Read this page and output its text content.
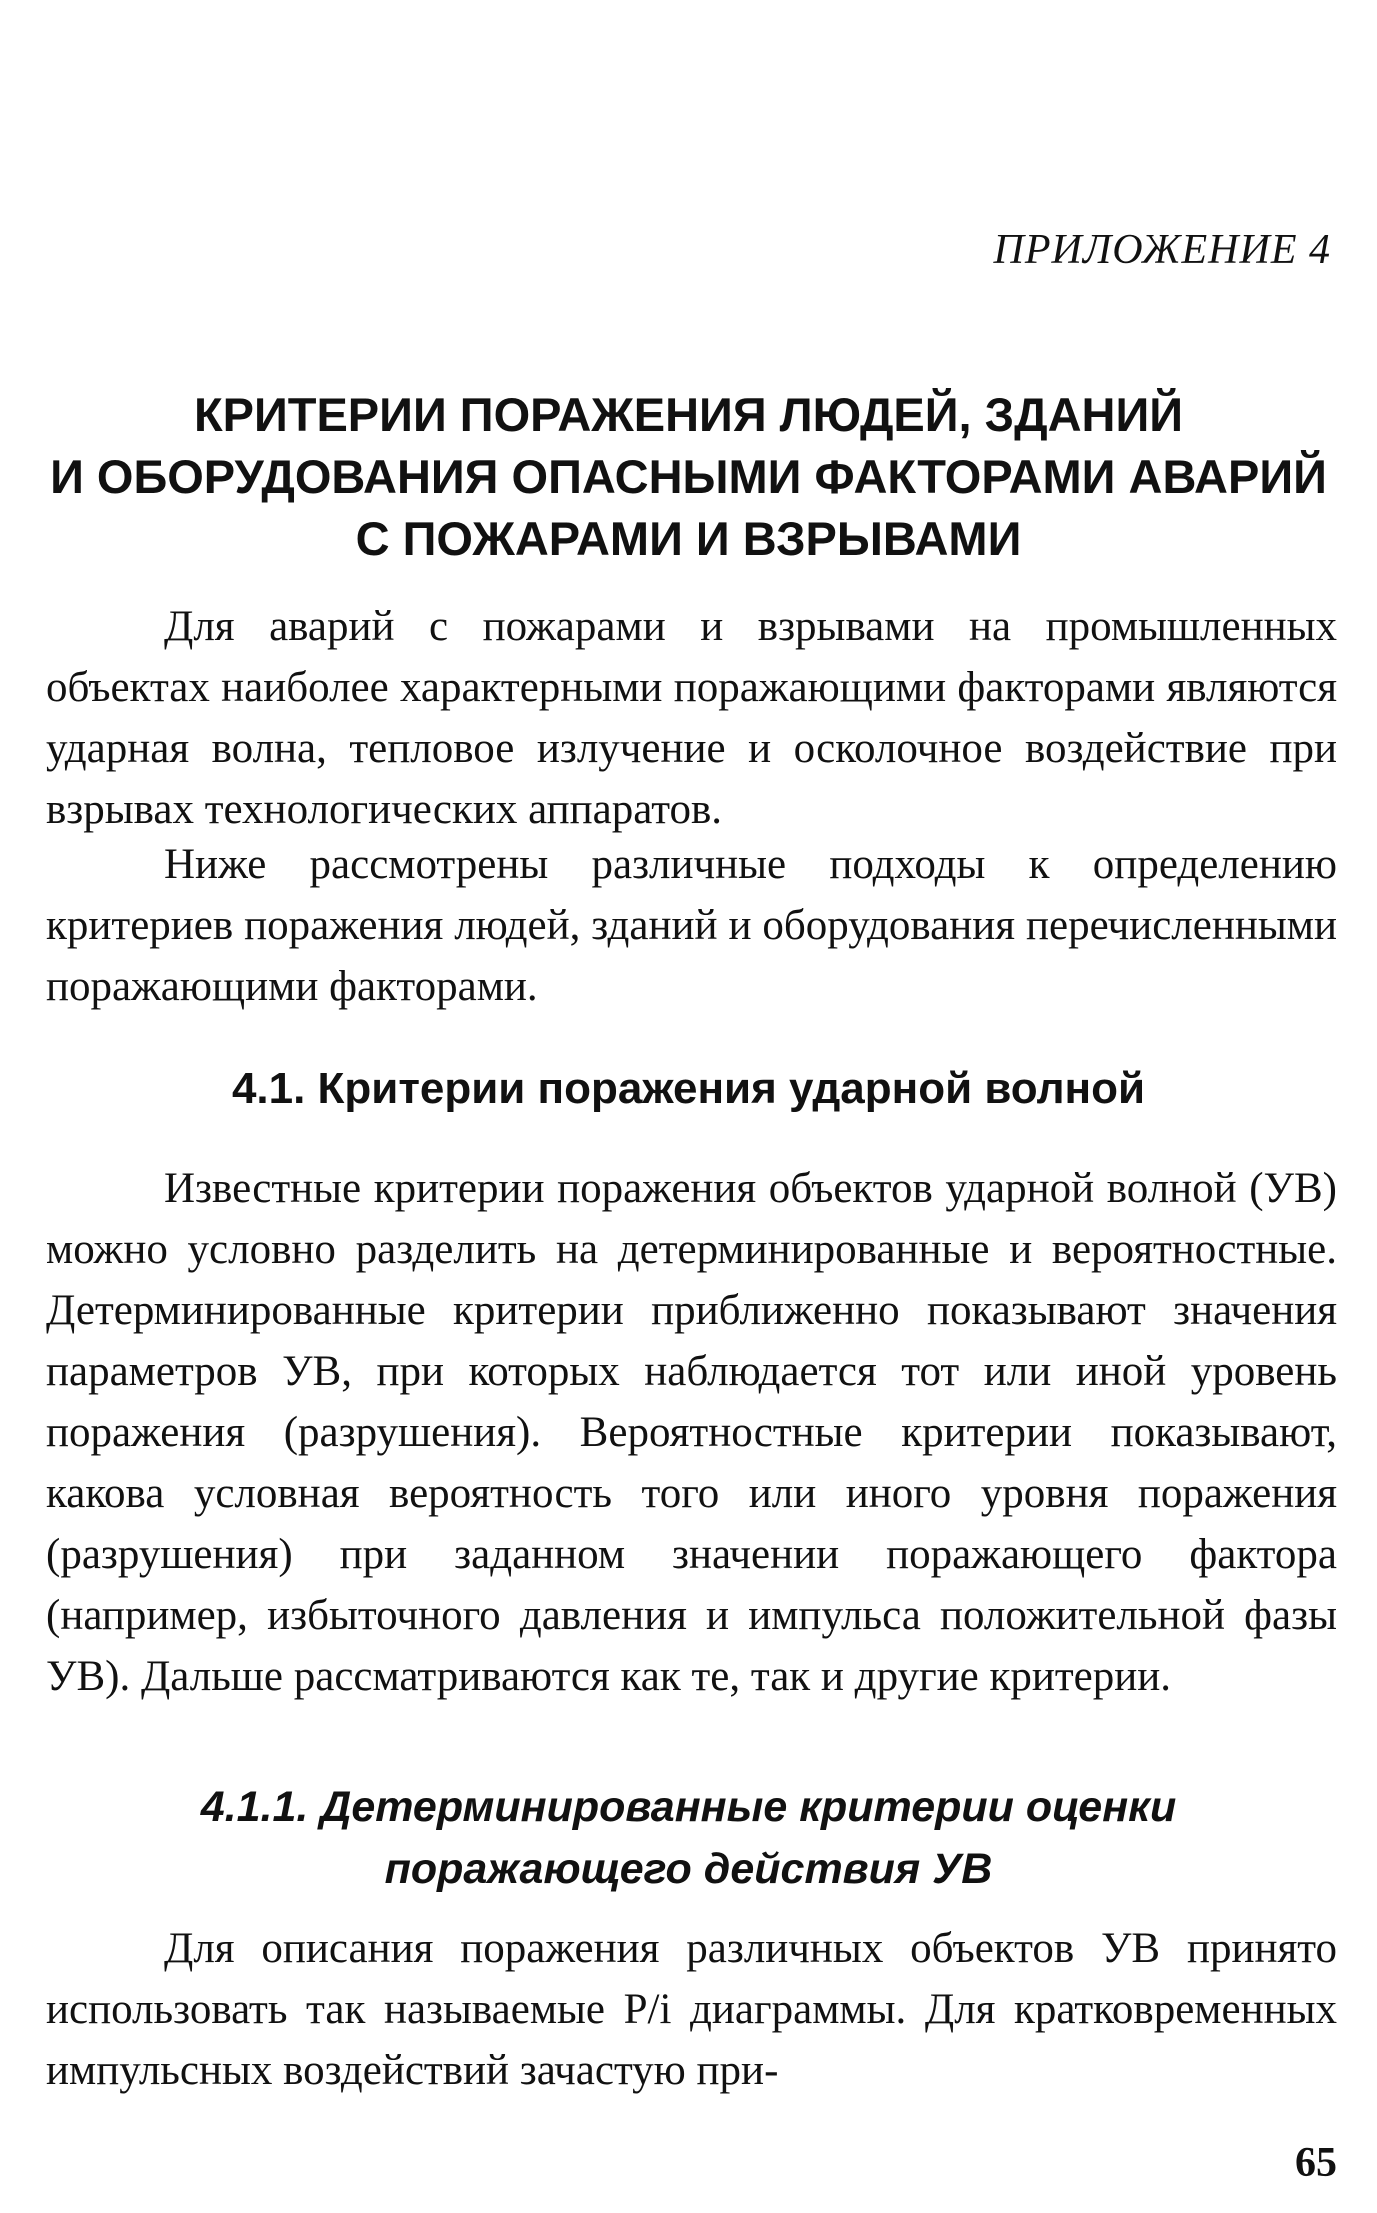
ПРИЛОЖЕНИЕ 4
КРИТЕРИИ ПОРАЖЕНИЯ ЛЮДЕЙ, ЗДАНИЙ
И ОБОРУДОВАНИЯ ОПАСНЫМИ ФАКТОРАМИ АВАРИЙ
С ПОЖАРАМИ И ВЗРЫВАМИ

Для аварий с пожарами и взрывами на промышленных объектах наиболее характерными поражающими факторами являются ударная волна, тепловое излучение и осколочное воздействие при взрывах технологических аппаратов.

Ниже рассмотрены различные подходы к определению критериев поражения людей, зданий и оборудования перечисленными поражающими факторами.

4.1. Критерии поражения ударной волной

Известные критерии поражения объектов ударной волной (УВ) можно условно разделить на детерминированные и вероятностные. Детерминированные критерии приближенно показывают значения параметров УВ, при которых наблюдается тот или иной уровень поражения (разрушения). Вероятностные критерии показывают, какова условная вероятность того или иного уровня поражения (разрушения) при заданном значении поражающего фактора (например, избыточного давления и импульса положительной фазы УВ). Дальше рассматриваются как те, так и другие критерии.

4.1.1. Детерминированные критерии оценки
поражающего действия УВ

Для описания поражения различных объектов УВ принято использовать так называемые P/i диаграммы. Для кратковременных импульсных воздействий зачастую при-

65
